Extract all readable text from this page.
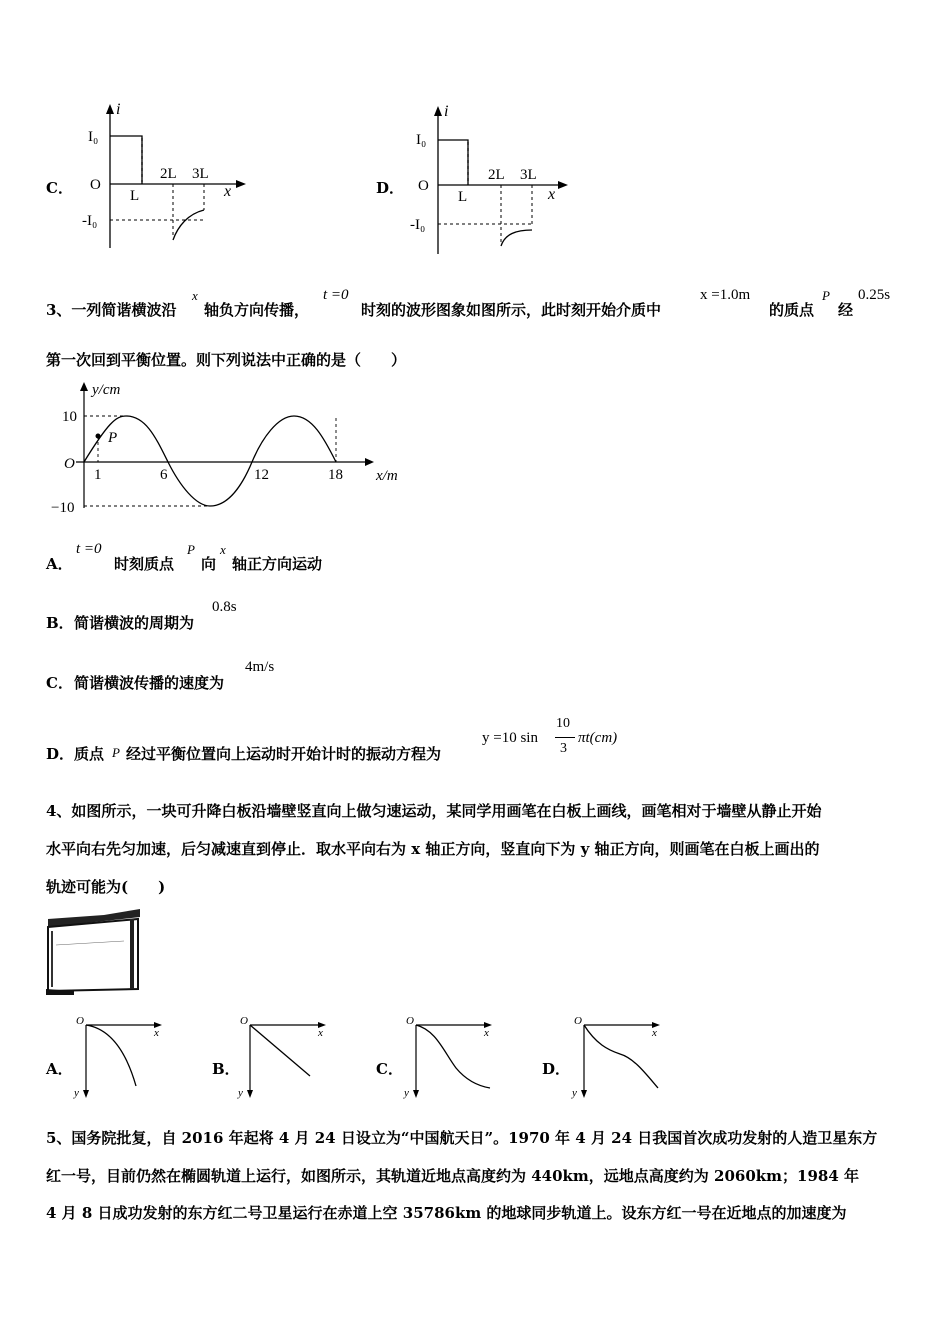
C．
i
I₀
O
L
2L 3L
x
-I₀
D．
i
I₀
O
L
2L 3L
x
-I₀
3、一列简谐横波沿
x
轴负方向传播，
t =0
时刻的波形图象如图所示，此时刻开始介质中
x =1.0m
的质点
P
经
0.25s
第一次回到平衡位置。则下列说法中正确的是（　　）
y/cm
x/m
10
−10
O
1	6	12	18
P
A．
t =0
时刻质点
P
向
x
轴正方向运动
B． 简谐横波的周期为
0.8s
C． 简谐横波传播的速度为
4m/s
D． 质点 P 经过平衡位置向上运动时开始计时的振动方程为
y =10 sin
10
3
πt(cm)
4、如图所示，一块可升降白板沿墙壁竖直向上做匀速运动，某同学用画笔在白板上画线，画笔相对于墙壁从静止开始
水平向右先匀加速，后匀减速直到停止．取水平向右为 x 轴正方向，竖直向下为 y 轴正方向，则画笔在白板上画出的
轨迹可能为(　　)
A．
O
x
y
B．
O
x
y
C．
O
x
y
D．
O
x
y
5、国务院批复，自 2016 年起将 4 月 24 日设立为“中国航天日”。1970 年 4 月 24 日我国首次成功发射的人造卫星东方
红一号，目前仍然在椭圆轨道上运行，如图所示，其轨道近地点高度约为 440km，远地点高度约为 2060km；1984 年
4 月 8 日成功发射的东方红二号卫星运行在赤道上空 35786km 的地球同步轨道上。设东方红一号在近地点的加速度为
